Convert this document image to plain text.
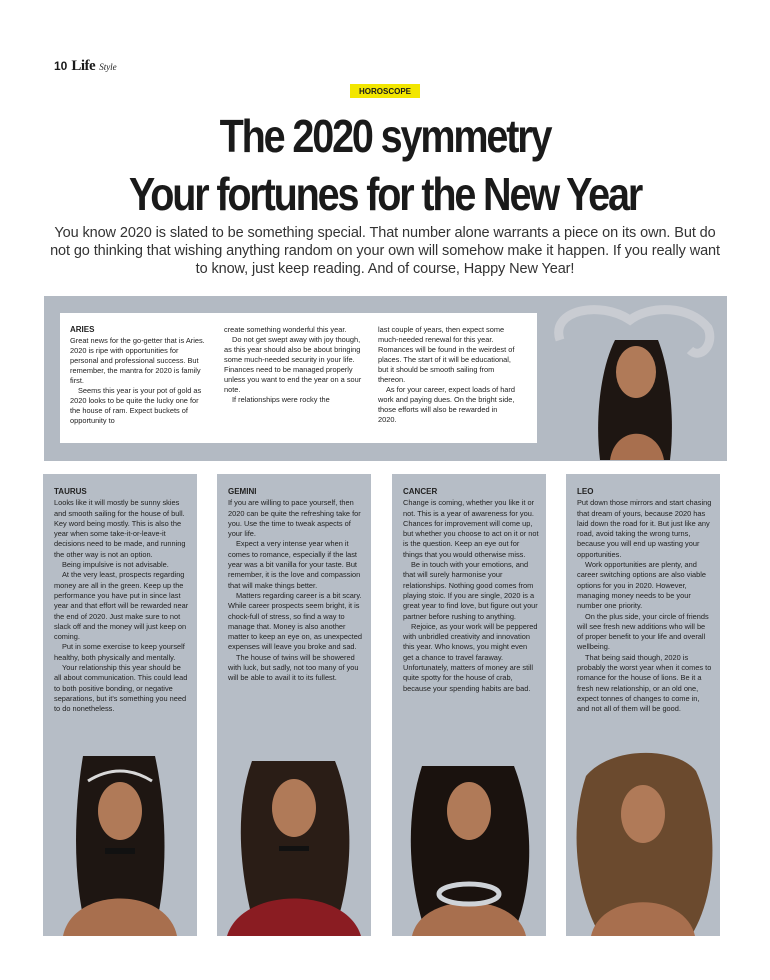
10 Life Style
HOROSCOPE
The 2020 symmetry
Your fortunes for the New Year

You know 2020 is slated to be something special. That number alone warrants a piece on its own. But do not go thinking that wishing anything random on your own will somehow make it happen. If you really want to know, just keep reading. And of course, Happy New Year!

ARIES
Great news for the go-getter that is Aries. 2020 is ripe with opportunities for personal and professional success. But remember, the mantra for 2020 is family first.
Seems this year is your pot of gold as 2020 looks to be quite the lucky one for the house of ram. Expect buckets of opportunity to
create something wonderful this year.
Do not get swept away with joy though, as this year should also be about bringing some much-needed security in your life. Finances need to be managed properly unless you want to end the year on a sour note.
If relationships were rocky the
last couple of years, then expect some much-needed renewal for this year. Romances will be found in the weirdest of places. The start of it will be educational, but it should be smooth sailing from thereon.
As for your career, expect loads of hard work and paying dues. On the bright side, those efforts will also be rewarded in 2020.
TAURUS
Looks like it will mostly be sunny skies and smooth sailing for the house of bull. Key word being mostly. This is also the year when some take-it-or-leave-it decisions need to be made, and running the other way is not an option.
Being impulsive is not advisable.
At the very least, prospects regarding money are all in the green. Keep up the performance you have put in since last year and that effort will be rewarded near the end of 2020. Just make sure to not slack off and the money will just keep on coming.
Put in some exercise to keep yourself healthy, both physically and mentally.
Your relationship this year should be all about communication. This could lead to both positive bonding, or negative separations, but it's something you need to do nonetheless.
GEMINI
If you are willing to pace yourself, then 2020 can be quite the refreshing take for you. Use the time to tweak aspects of your life.
Expect a very intense year when it comes to romance, especially if the last year was a bit vanilla for your taste. But remember, it is the love and compassion that will make things better.
Matters regarding career is a bit scary. While career prospects seem bright, it is chock-full of stress, so find a way to manage that. Money is also another matter to keep an eye on, as unexpected expenses will leave you broke and sad.
The house of twins will be showered with luck, but sadly, not too many of you will be able to avail it to its fullest.
CANCER
Change is coming, whether you like it or not. This is a year of awareness for you. Chances for improvement will come up, but whether you choose to act on it or not is the question. Keep an eye out for things that you would otherwise miss.
Be in touch with your emotions, and that will surely harmonise your relationships. Nothing good comes from playing stoic. If you are single, 2020 is a great year to find love, but figure out your partner before rushing to anything.
Rejoice, as your work will be peppered with unbridled creativity and innovation this year. Who knows, you might even get a chance to travel faraway. Unfortunately, matters of money are still quite spotty for the house of crab, because your spending habits are bad.
LEO
Put down those mirrors and start chasing that dream of yours, because 2020 has laid down the road for it. But just like any road, avoid taking the wrong turns, because you will end up wasting your opportunities.
Work opportunities are plenty, and career switching options are also viable options for you in 2020. However, managing money needs to be your number one priority.
On the plus side, your circle of friends will see fresh new additions who will be of proper benefit to your life and overall wellbeing.
That being said though, 2020 is probably the worst year when it comes to romance for the house of lions. Be it a fresh new relationship, or an old one, expect tonnes of changes to come in, and not all of them will be good.
